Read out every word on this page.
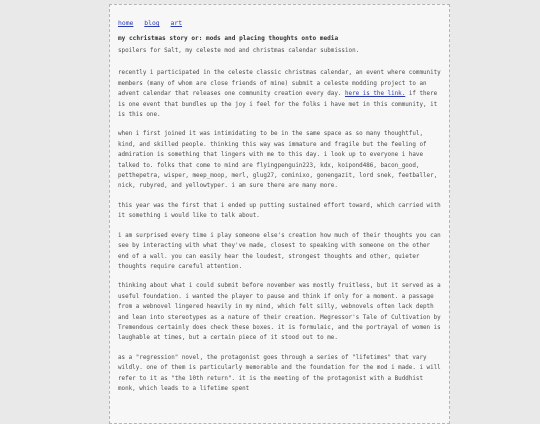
home blog art
my cchristmas story or: mods and placing thoughts onto media

spoilers for Salt, my celeste mod and christmas calendar submission.

recently i participated in the celeste classic christmas calendar, an event where community members (many of whom are close friends of mine) submit a celeste modding project to an advent calendar that releases one community creation every day. here is the link. if there is one event that bundles up the joy i feel for the folks i have met in this community, it is this one.

when i first joined it was intimidating to be in the same space as so many thoughtful, kind, and skilled people. thinking this way was immature and fragile but the feeling of admiration is something that lingers with me to this day. i look up to everyone i have talked to. folks that come to mind are flyingpenguin223, kdx, koipond486, bacon_good, petthepetra, wisper, meep_moop, merl, glug27, cominixo, gonengazit, lord snek, feetballer, nick, rubyred, and yellowtyper. i am sure there are many more.

this year was the first that i ended up putting sustained effort toward, which carried with it something i would like to talk about.

i am surprised every time i play someone else's creation how much of their thoughts you can see by interacting with what they've made, closest to speaking with someone on the other end of a wall. you can easily hear the loudest, strongest thoughts and other, quieter thoughts require careful attention.

thinking about what i could submit before november was mostly fruitless, but it served as a useful foundation. i wanted the player to pause and think if only for a moment. a passage from a webnovel lingered heavily in my mind, which felt silly, webnovels often lack depth and lean into stereotypes as a nature of their creation. Megressor's Tale of Cultivation by Tremendous certainly does check these boxes. it is formulaic, and the portrayal of women is laughable at times, but a certain piece of it stood out to me.

as a "regression" novel, the protagonist goes through a series of "lifetimes" that vary wildly. one of them is particularly memorable and the foundation for the mod i made. i will refer to it as "the 10th return". it is the meeting of the protagonist with a Buddhist monk, which leads to a lifetime spent
